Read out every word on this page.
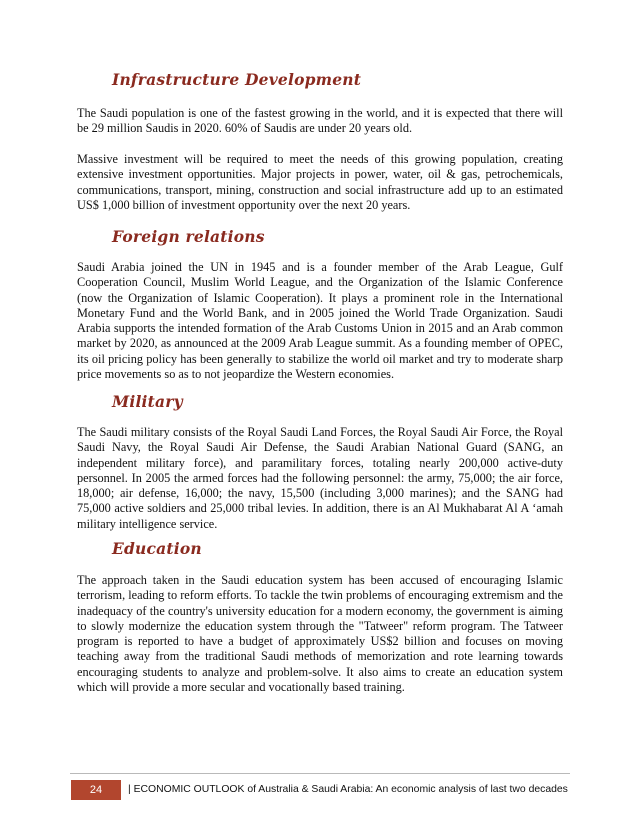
Infrastructure Development

The Saudi population is one of the fastest growing in the world, and it is expected that there will be 29 million Saudis in 2020. 60% of Saudis are under 20 years old.

Massive investment will be required to meet the needs of this growing population, creating extensive investment opportunities. Major projects in power, water, oil & gas, petrochemicals, communications, transport, mining, construction and social infrastructure add up to an estimated US$ 1,000 billion of investment opportunity over the next 20 years.

Foreign relations

Saudi Arabia joined the UN in 1945 and is a founder member of the Arab League, Gulf Cooperation Council, Muslim World League, and the Organization of the Islamic Conference (now the Organization of Islamic Cooperation). It plays a prominent role in the International Monetary Fund and the World Bank, and in 2005 joined the World Trade Organization. Saudi Arabia supports the intended formation of the Arab Customs Union in 2015 and an Arab common market by 2020, as announced at the 2009 Arab League summit. As a founding member of OPEC, its oil pricing policy has been generally to stabilize the world oil market and try to moderate sharp price movements so as to not jeopardize the Western economies.

Military

The Saudi military consists of the Royal Saudi Land Forces, the Royal Saudi Air Force, the Royal Saudi Navy, the Royal Saudi Air Defense, the Saudi Arabian National Guard (SANG, an independent military force), and paramilitary forces, totaling nearly 200,000 active-duty personnel. In 2005 the armed forces had the following personnel: the army, 75,000; the air force, 18,000; air defense, 16,000; the navy, 15,500 (including 3,000 marines); and the SANG had 75,000 active soldiers and 25,000 tribal levies. In addition, there is an Al Mukhabarat Al A ‘amah military intelligence service.

Education

The approach taken in the Saudi education system has been accused of encouraging Islamic terrorism, leading to reform efforts. To tackle the twin problems of encouraging extremism and the inadequacy of the country's university education for a modern economy, the government is aiming to slowly modernize the education system through the "Tatweer" reform program. The Tatweer program is reported to have a budget of approximately US$2 billion and focuses on moving teaching away from the traditional Saudi methods of memorization and rote learning towards encouraging students to analyze and problem-solve. It also aims to create an education system which will provide a more secular and vocationally based training.

24	| ECONOMIC OUTLOOK of Australia & Saudi Arabia: An economic analysis of last two decades
